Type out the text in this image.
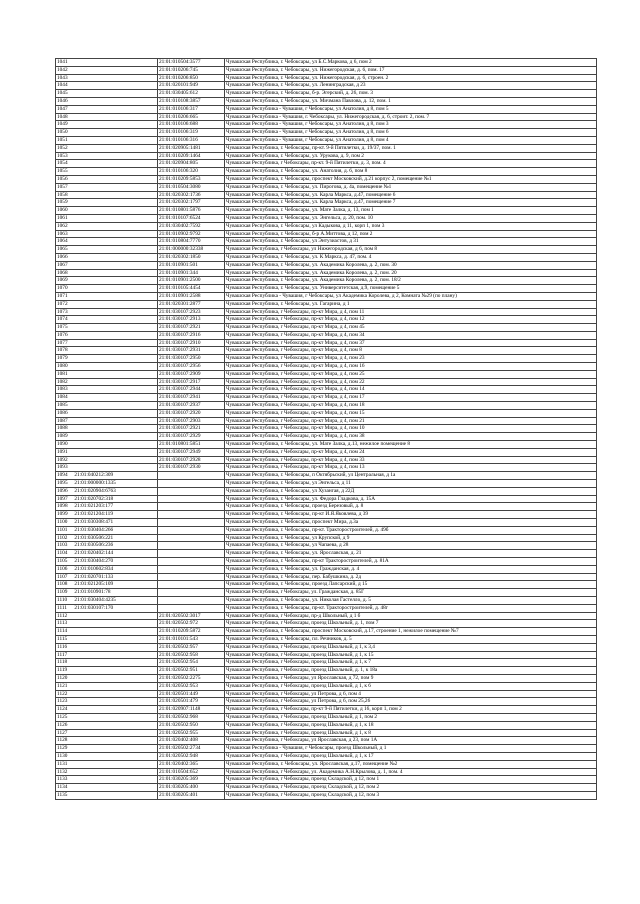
1041	21:01:010504:3577	Чувашская Республика, г. Чебоксары, ул Б.С.Маркова, д 6, пом 2
1042	21:01:010206:745	Чувашская Республика, г. Чебоксары, ул. Нижегородская, д. 6, пом. 17
1043	21:01:010206:850	Чувашская Республика, г. Чебоксары, ул. Нижегородская, д. 6, строен. 2
1044	21:01:020101:949	Чувашская Республика, г. Чебоксары, ул. Ленинградская, д 23
1045	21:01:030405:612	Чувашская Республика, г. Чебоксары, б-р. Эгерский, д. 26, пом. 3
1046	21:01:010108:3857	Чувашская Республика, г. Чебоксары, ул. Мичмана Павлова, д. 12, пом. 1
1047	21:01:010106:317	Чувашская Республика - Чувашия, г Чебоксары, ул Анатолия, д 8, пом 5
1048	21:01:010206:665	Чувашская Республика - Чувашия, г. Чебоксары, ул. Нижегородская, д. 6, строит. 2, пом. 7
1049	21:01:010106:688	Чувашская Республика - Чувашия, г Чебоксары, ул Анатолия, д 8, пом 3
1050	21:01:010106:319	Чувашская Республика - Чувашия, г Чебоксары, ул Анатолия, д 8, пом 6
1051	21:01:010106:316	Чувашская Республика - Чувашия, г Чебоксары, ул Анатолия, д 8, пом 4
1052	21:01:020905:1481	Чувашская Республика, г. Чебоксары, пр-кт. 9-й Пятилетки, д. 19/37, пом. 1
1053	21:01:010209:1464	Чувашская Республика, г. Чебоксары, ул. Урукова, д. 9, пом 2
1054	21:01:020904:805	Чувашская Республика, г Чебоксары, пр-кт. 9-й Пятилетки, д. 3, пом. 4
1055	21:01:010106:320	Чувашская Республика, г. Чебоксары, ул. Анатолия, д. 6, пом 8
1056	21:01:010209:5853	Чувашская Республика, г. Чебоксары, проспект Московский, д.21 корпус 2, помещение №1
1057	21:01:010504:3080	Чувашская Республика, г. Чебоксары, ул. Пирогова, д. 4а, помещение №1
1058	21:01:020302:1736	Чувашская Республика, г. Чебоксары, ул. Карла Маркса, д.47, помещение 6
1059	21:01:020302:1797	Чувашская Республика, г. Чебоксары, ул. Карла Маркса, д.47, помещение 7
1060	21:01:010801:5876	Чувашская Республика, г. Чебоксары, ул. Мате Залка, д. 13, пом 1
1061	21:01:010107:6524	Чувашская Республика, г. Чебоксары, ул. Энгельса, д. 20, пом. 10
1062	21:01:030402:7592	Чувашская Республика, г. Чебоксары, ул Кадыкова, д 11, корп 1, пом 3
1063	21:01:010902:9792	Чувашская Республика, г. Чебоксары, б-р А.Миттова, д 12, пом 2
1064	21:01:010804:7770	Чувашская Республика, г. Чебоксары, ул Энтузиастов, д 31
1065	21:01:000000:32338	Чувашская Республика, г Чебоксары, ул Нижегородская, д 6, пом 8
1066	21:01:020302:1850	Чувашская Республика, г. Чебоксары, ул. К Маркса, д. 47, пом. 4
1067	21:01:010901:501	Чувашская Республика, г. Чебоксары, ул. Академика Королева, д. 2, пом. 30
1068	21:01:010901:344	Чувашская Республика, г. Чебоксары, ул. Академика Королева, д. 2, пом. 20
1069	21:01:010901:2500	Чувашская Республика, г. Чебоксары, ул. Академика Королева, д. 2, пом. 18/2
1070	21:01:010105:4454	Чувашская Республика, г. Чебоксары, ул. Университетская, д.9, помещение 5
1071	21:01:010901:2588	Чувашская Республика - Чувашия, г Чебоксары, ул Академика Королева, д 2, Комната №29 (по плану)
1072	21:01:020301:2877	Чувашская Республика, г. Чебоксары, ул. Гагарина, д 1
1073	21:01:030107:2923	Чувашская Республика, г Чебоксары, пр-кт Мира, д 4, пом 11
1074	21:01:030107:2913	Чувашская Республика, г Чебоксары, пр-кт Мира, д 4, пом 12
1075	21:01:030107:2921	Чувашская Республика, г Чебоксары, пр-кт Мира, д 4, пом 45
1076	21:01:030107:2916	Чувашская Республика, г Чебоксары, пр-кт Мира, д 4, пом 34
1077	21:01:030107:2910	Чувашская Республика, г Чебоксары, пр-кт Мира, д 4, пом 37
1078	21:01:030107:2931	Чувашская Республика, г Чебоксары, пр-кт Мира, д 4, пом 8
1079	21:01:030107:2950	Чувашская Республика, г Чебоксары, пр-кт Мира, д 4, пом 23
1080	21:01:030107:2956	Чувашская Республика, г Чебоксары, пр-кт Мира, д 4, пом 16
1081	21:01:030107:2909	Чувашская Республика, г Чебоксары, пр-кт Мира, д 4, пом 25
1082	21:01:030107:2917	Чувашская Республика, г Чебоксары, пр-кт Мира, д 4, пом 22
1083	21:01:030107:2944	Чувашская Республика, г Чебоксары, пр-кт Мира, д 4, пом 14
1084	21:01:030107:2941	Чувашская Республика, г Чебоксары, пр-кт Мира, д 4, пом 17
1085	21:01:030107:2937	Чувашская Республика, г Чебоксары, пр-кт Мира, д 4, пом 18
1086	21:01:030107:2920	Чувашская Республика, г Чебоксары, пр-кт Мира, д 4, пом 15
1087	21:01:030107:2903	Чувашская Республика, г Чебоксары, пр-кт Мира, д 4, пом 21
1088	21:01:030107:2921	Чувашская Республика, г Чебоксары, пр-кт Мира, д 4, пом 10
1089	21:01:030107:2929	Чувашская Республика, г Чебоксары, пр-кт Мира, д 4, пом 38
1090	21:01:010801:5851	Чувашская Республика, г. Чебоксары, ул. Мате Залка, д.13, нежилое помещение 8
1091	21:01:030107:2949	Чувашская Республика, г Чебоксары, пр-кт Мира, д 4, пом 24
1092	21:01:030107:2928	Чувашская Республика, г Чебоксары, пр-кт Мира, д 4, пом 33
1093	21:01:030107:2930	Чувашская Республика, г Чебоксары, пр-кт Мира, д 4, пом 13
1094 21:01:040212:309		Чувашская Республика, г. Чебоксары, п Октябрьский, ул Центральная, д 1а
1095 21:01:000000:1335		Чувашская Республика, г. Чебоксары, ул Энгельса, д 11
1096 21:01:020904:6763		Чувашская Республика, г. Чебоксары, ул Хузангая, д 22Д
1097 21:01:020702:318		Чувашская Республика, г. Чебоксары, ул. Федора Гладкова, д. 15А
1098 21:01:021203:177		Чувашская Республика, г. Чебоксары, проезд Березовый, д. 8
1099 21:01:021204:119		Чувашская Республика, г. Чебоксары, пр-кт И.Я.Яковлева, д 39
1100 21:01:030308:471		Чувашская Республика, г. Чебоксары, проспект Мира, д.3а
1101 21:01:030404:266		Чувашская Республика, г. Чебоксары, пр-кт. Тракторостроителей, д. 49б
1102 21:01:030506:221		Чувашская Республика, г. Чебоксары, ул Крупской, д 9
1103 21:01:030506:236		Чувашская Республика, г. Чебоксары, ул Чапаева, д 28
1104 21:01:020402:144		Чувашская Республика, г. Чебоксары, ул. Ярославская, д. 21
1105 21:01:030404:270		Чувашская Республика, г. Чебоксары, пр-кт Тракторостроителей, д. 81А
1106 21:01:010602:834		Чувашская Республика, г. Чебоксары, ул. Гражданская, д. 4
1107 21:01:020701:133		Чувашская Республика, г. Чебоксары, пер. Бабушкина, д. 2д
1108 21:01:021205:109		Чувашская Республика, г. Чебоксары, проезд Лапсарский, д 15
1109 21:01:010901:78		Чувашская Республика, г Чебоксары, ул. Гражданская, д. 85Г
1110 21:01:030404:4235		Чувашская Республика, г. Чебоксары, ул. Николая Гастелло, д. 5
1111 21:01:030107:170		Чувашская Республика, г. Чебоксары, пр-кт. Тракторостроителей, д. 48г
1112	21:01:020502:3017	Чувашская Республика, г Чебоксары, пр-д Школьный, д 1 б
1113	21:01:020502:972	Чувашская Республика, г Чебоксары, проезд Школьный, д. 1, пом 7
1114	21:01:010209:5872	Чувашская Республика, г. Чебоксары, проспект Московский, д.17, строение 1, нежилое помещение №7
1115	21:01:010101:543	Чувашская Республика, г. Чебоксары, пл. Речников, д. 5
1116	21:01:020502:957	Чувашская Республика, г Чебоксары, проезд Школьный, д 1, к 3,4
1117	21:01:020502:958	Чувашская Республика, г Чебоксары, проезд Школьный, д 1, к 15
1118	21:01:020502:954	Чувашская Республика, г Чебоксары, проезд Школьный, д 1, к 7
1119	21:01:020502:951	Чувашская Республика, г Чебоксары, проезд Школьный, д. 1, к 18а
1120	21:01:020502:2275	Чувашская Республика, г Чебоксары, ул Ярославская, д 72, пом 9
1121	21:01:020502:953	Чувашская Республика, г Чебоксары, проезд Школьный, д 1, к 6
1122	21:01:020501:449	Чувашская Республика, г Чебоксары, ул Петрова, д 6, пом 4
1123	21:01:020501:479	Чувашская Республика, г Чебоксары, ул Петрова, д 6, пом 25,26
1124	21:01:020907:1148	Чувашская Республика, г Чебоксары, пр-кт 9-й Пятилетки, д 16, корп 1, пом 2
1125	21:01:020502:968	Чувашская Республика, г Чебоксары, проезд Школьный, д 1, пом 2
1126	21:01:020502:950	Чувашская Республика, г Чебоксары, проезд Школьный, д 1, к 18
1127	21:01:020502:955	Чувашская Республика, г Чебоксары, проезд Школьный, д 1, к 8
1128	21:01:020402:408	Чувашская Республика, г Чебоксары, ул Ярославская, д 23, пом 1А
1129	21:01:020502:2734	Чувашская Республика - Чувашия, г Чебоксары, проезд Школьный, д 1
1130	21:01:020502:948	Чувашская Республика, г Чебоксары, проезд Школьный, д 1, к 17
1131	21:01:020402:365	Чувашская Республика, г. Чебоксары, ул. Ярославская, д.17, помещение №2
1132	21:01:010504:652	Чувашская Республика, г Чебоксары, ул. Академика А.Н.Крылова, д. 1, пом. 4
1133	21:01:030205:369	Чувашская Республика, г Чебоксары, проезд Складской, д 12, пом 1
1134	21:01:030205:400	Чувашская Республика, г Чебоксары, проезд Складской, д 12, пом 2
1135	21:01:030205:401	Чувашская Республика, г Чебоксары, проезд Складской, д 12, пом 3
